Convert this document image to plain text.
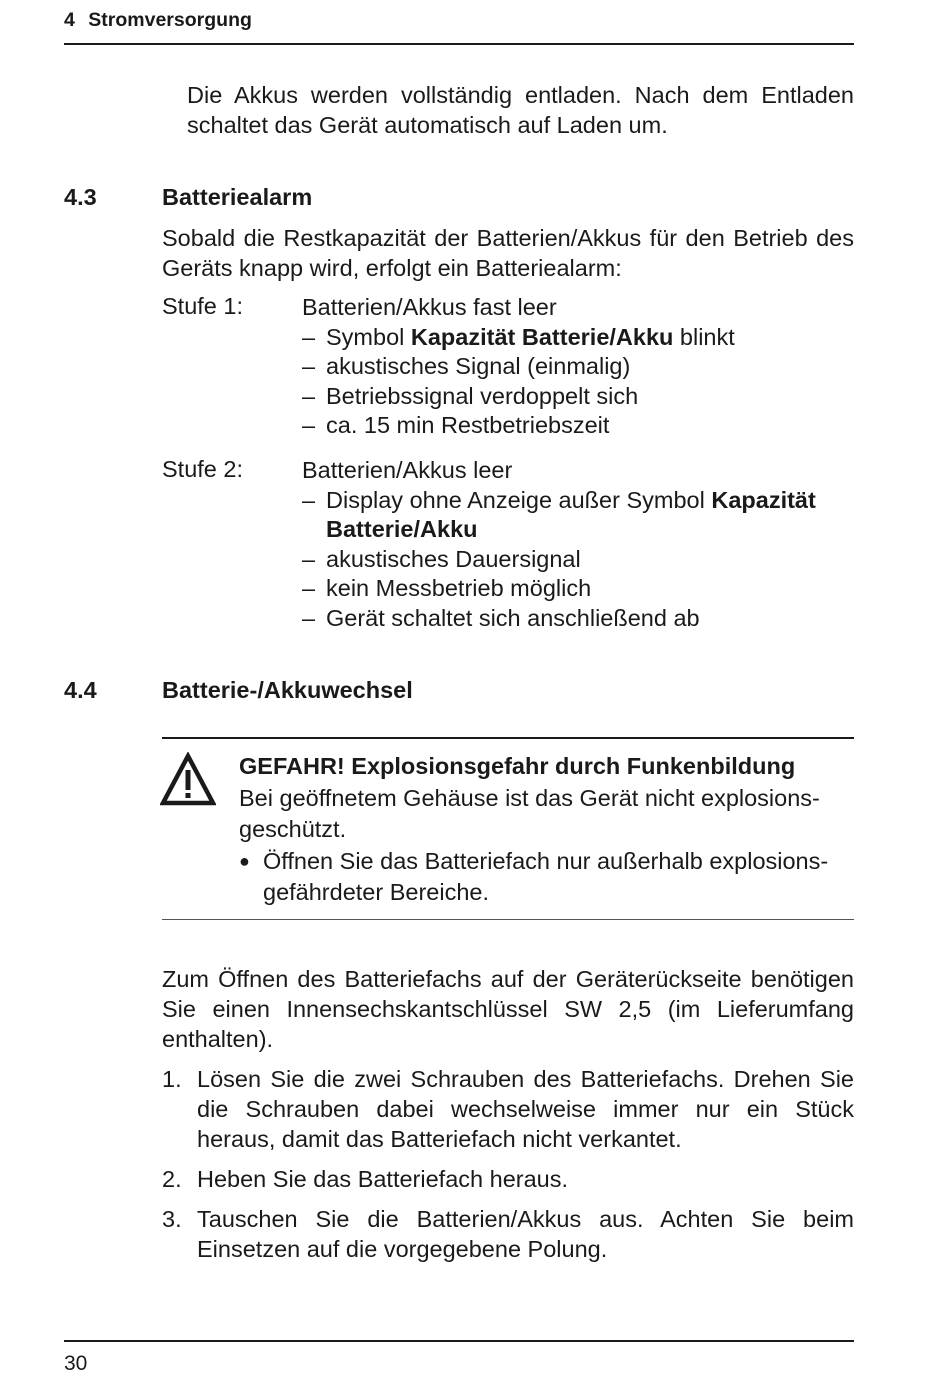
4 Stromversorgung
Die Akkus werden vollständig entladen. Nach dem Entladen schaltet das Gerät automatisch auf Laden um.
4.3	Batteriealarm
Sobald die Restkapazität der Batterien/Akkus für den Betrieb des Geräts knapp wird, erfolgt ein Batteriealarm:
Stufe 1:	Batterien/Akkus fast leer
– Symbol Kapazität Batterie/Akku blinkt
– akustisches Signal (einmalig)
– Betriebssignal verdoppelt sich
– ca. 15 min Restbetriebszeit
Stufe 2:	Batterien/Akkus leer
– Display ohne Anzeige außer Symbol Kapazität Batterie/Akku
– akustisches Dauersignal
– kein Messbetrieb möglich
– Gerät schaltet sich anschließend ab
4.4	Batterie-/Akkuwechsel
GEFAHR! Explosionsgefahr durch Funkenbildung
Bei geöffnetem Gehäuse ist das Gerät nicht explosions-geschützt.
● Öffnen Sie das Batteriefach nur außerhalb explosions-gefährdeter Bereiche.
Zum Öffnen des Batteriefachs auf der Geräterückseite benötigen Sie einen Innensechskantschlüssel SW 2,5 (im Lieferumfang enthalten).
1. Lösen Sie die zwei Schrauben des Batteriefachs. Drehen Sie die Schrauben dabei wechselweise immer nur ein Stück heraus, damit das Batteriefach nicht verkantet.
2. Heben Sie das Batteriefach heraus.
3. Tauschen Sie die Batterien/Akkus aus. Achten Sie beim Einsetzen auf die vorgegebene Polung.
30
